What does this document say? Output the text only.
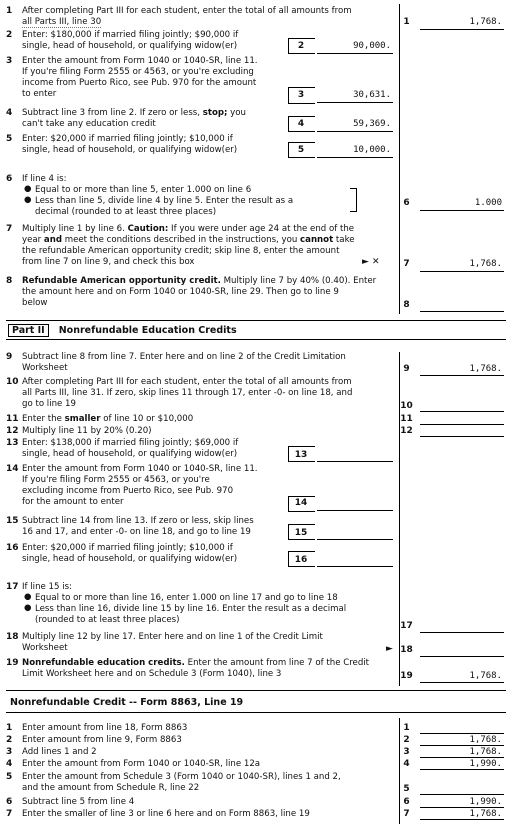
1 After completing Part III for each student, enter the total of all amounts from
all Parts III, line 30	1	1,768.
2 Enter: $180,000 if married filing jointly; $90,000 if
single, head of household, or qualifying widow(er)	2	90,000.
3 Enter the amount from Form 1040 or 1040-SR, line 11.
If you're filing Form 2555 or 4563, or you're excluding
income from Puerto Rico, see Pub. 970 for the amount
to enter	3	30,631.
4 Subtract line 3 from line 2. If zero or less, stop; you
can't take any education credit	4	59,369.
5 Enter: $20,000 if married filing jointly; $10,000 if
single, head of household, or qualifying widow(er)	5	10,000.
6 If line 4 is:
● Equal to or more than line 5, enter 1.000 on line 6
● Less than line 5, divide line 4 by line 5. Enter the result as a
decimal (rounded to at least three places)
6	1.000
7 Multiply line 1 by line 6. Caution: If you were under age 24 at the end of the
year and meet the conditions described in the instructions, you cannot take
the refundable American opportunity credit; skip line 8, enter the amount
from line 7 on line 9, and check this box	► ✕	7	1,768.
8 Refundable American opportunity credit. Multiply line 7 by 40% (0.40). Enter
the amount here and on Form 1040 or 1040-SR, line 29. Then go to line 9
below	8
Part II Nonrefundable Education Credits
9 Subtract line 8 from line 7. Enter here and on line 2 of the Credit Limitation
Worksheet	9	1,768.
10 After completing Part III for each student, enter the total of all amounts from
all Parts III, line 31. If zero, skip lines 11 through 17, enter -0- on line 18, and
go to line 19	10
11 Enter the smaller of line 10 or $10,000	11
12 Multiply line 11 by 20% (0.20)	12
13 Enter: $138,000 if married filing jointly; $69,000 if
single, head of household, or qualifying widow(er)	13
14 Enter the amount from Form 1040 or 1040-SR, line 11.
If you're filing Form 2555 or 4563, or you're
excluding income from Puerto Rico, see Pub. 970
for the amount to enter	14
15 Subtract line 14 from line 13. If zero or less, skip lines
16 and 17, and enter -0- on line 18, and go to line 19	15
16 Enter: $20,000 if married filing jointly; $10,000 if
single, head of household, or qualifying widow(er)	16
17 If line 15 is:
● Equal to or more than line 16, enter 1.000 on line 17 and go to line 18
● Less than line 16, divide line 15 by line 16. Enter the result as a decimal
(rounded to at least three places)
17
18 Multiply line 12 by line 17. Enter here and on line 1 of the Credit Limit
Worksheet	► 18
19 Nonrefundable education credits. Enter the amount from line 7 of the Credit
Limit Worksheet here and on Schedule 3 (Form 1040), line 3	19	1,768.
Nonrefundable Credit -- Form 8863, Line 19
1 Enter amount from line 18, Form 8863	1
2 Enter amount from line 9, Form 8863	2	1,768.
3 Add lines 1 and 2	3	1,768.
4 Enter the amount from Form 1040 or 1040-SR, line 12a	4	1,990.
5 Enter the amount from Schedule 3 (Form 1040 or 1040-SR), lines 1 and 2,
and the amount from Schedule R, line 22	5
6 Subtract line 5 from line 4	6	1,990.
7 Enter the smaller of line 3 or line 6 here and on Form 8863, line 19	7	1,768.
